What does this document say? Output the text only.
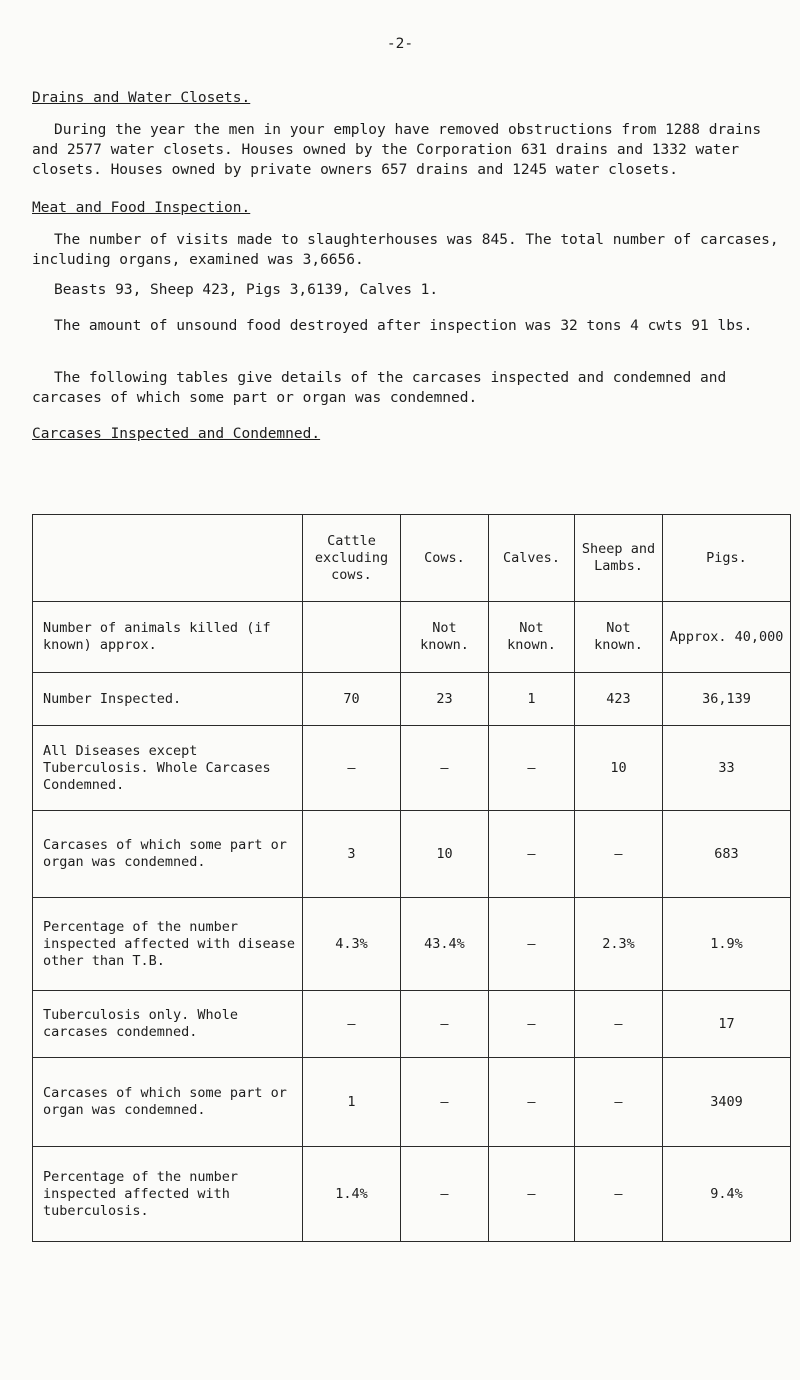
-2-
Drains and Water Closets.
During the year the men in your employ have removed obstructions from 1288 drains and 2577 water closets. Houses owned by the Corporation 631 drains and 1332 water closets. Houses owned by private owners 657 drains and 1245 water closets.
Meat and Food Inspection.
The number of visits made to slaughterhouses was 845. The total number of carcases, including organs, examined was 3,6656.
Beasts 93, Sheep 423, Pigs 3,6139, Calves 1.
The amount of unsound food destroyed after inspection was 32 tons 4 cwts 91 lbs.
The following tables give details of the carcases inspected and condemned and carcases of which some part or organ was condemned.
Carcases Inspected and Condemned.
	Cattle excluding cows.	Cows.	Calves.	Sheep and Lambs.	Pigs.
Number of animals killed (if known) approx.		Not known.	Not known.	Not known.	Approx. 40,000
Number Inspected.	70	23	1	423	36,139
All Diseases except Tuberculosis. Whole Carcases Condemned.	–	–	–	10	33
Carcases of which some part or organ was condemned.	3	10	–	–	683
Percentage of the number inspected affected with disease other than T.B.	4.3%	43.4%	–	2.3%	1.9%
Tuberculosis only. Whole carcases condemned.	–	–	–	–	17
Carcases of which some part or organ was condemned.	1	–	–	–	3409
Percentage of the number inspected affected with tuberculosis.	1.4%	–	–	–	9.4%
